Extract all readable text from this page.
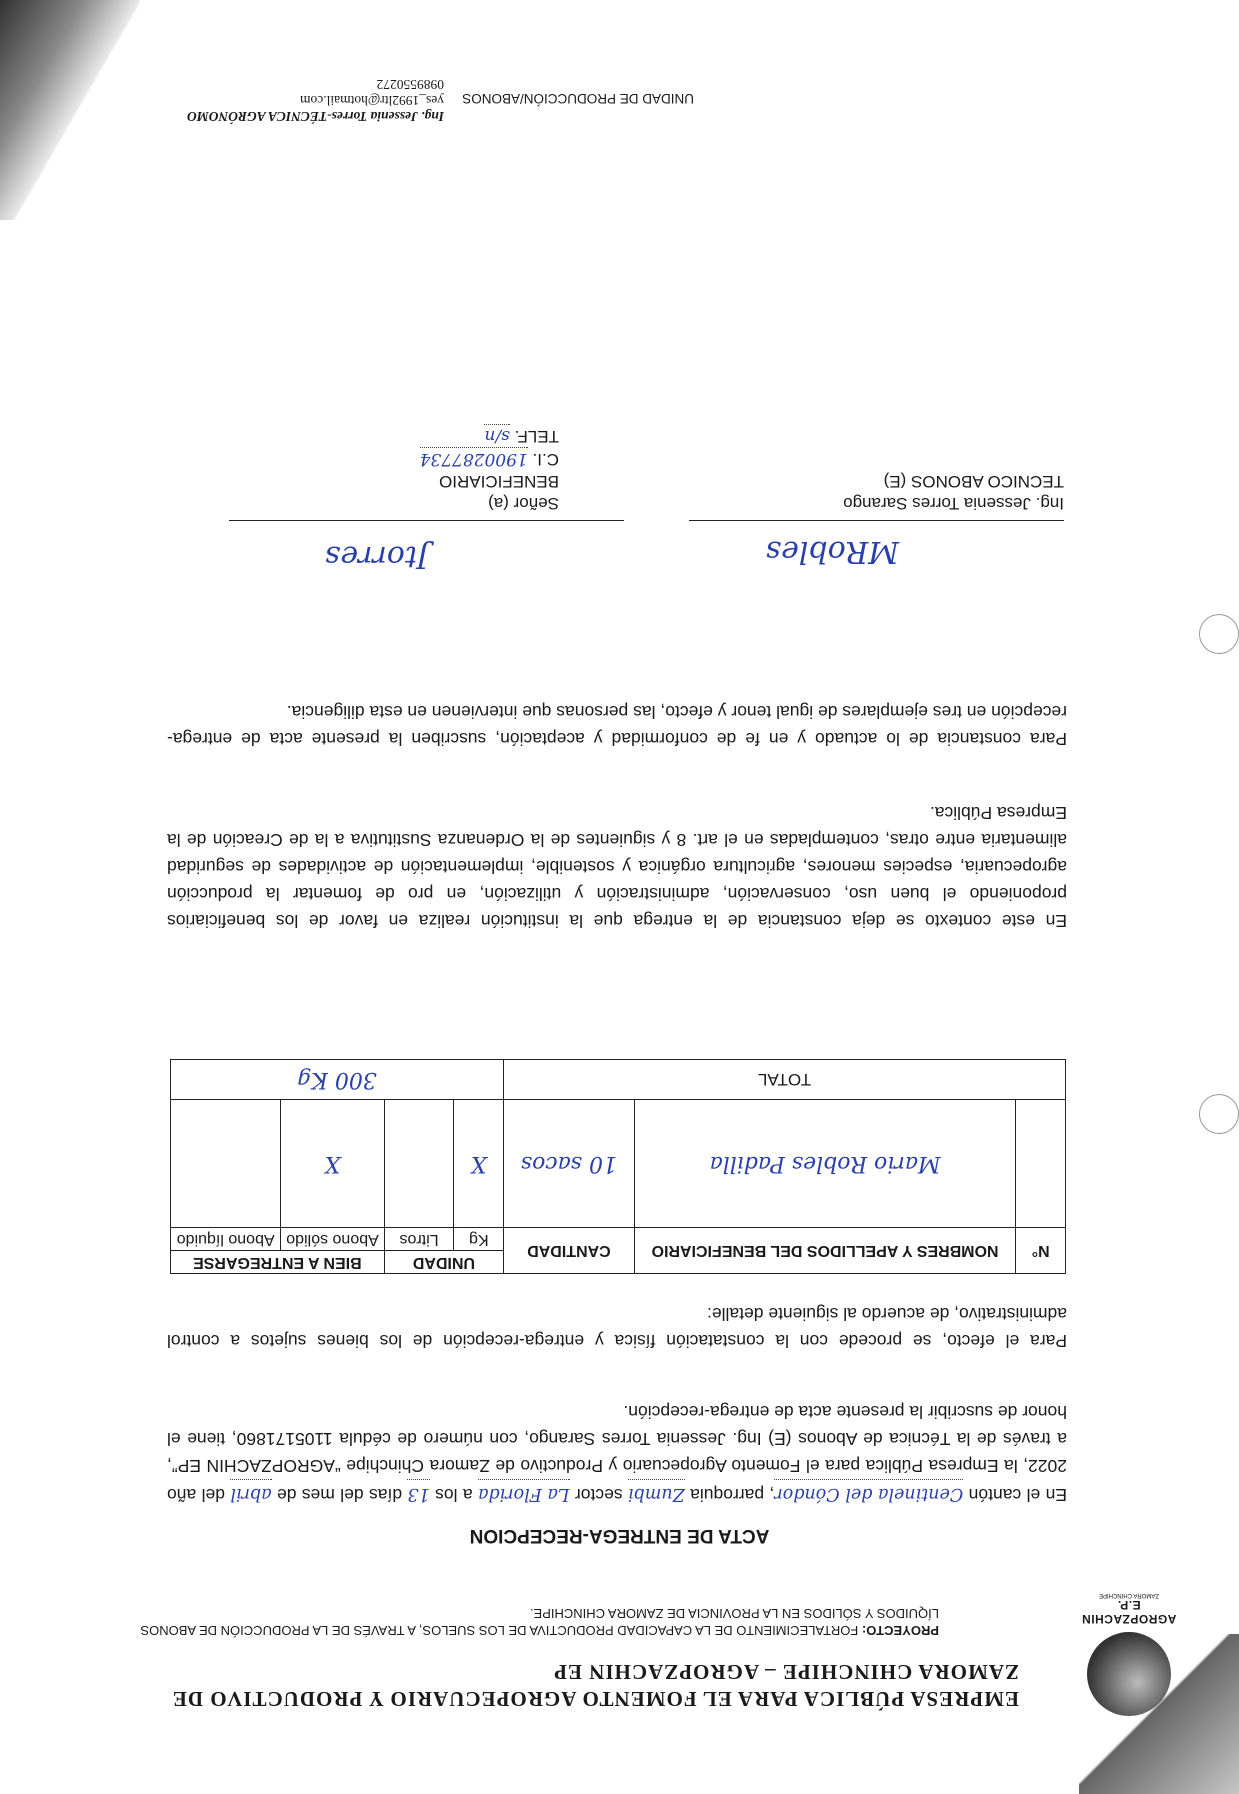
AGROPZACHIN E.P.
ZAMORA CHINCHIPE
EMPRESA PÚBLICA PARA EL FOMENTO AGROPECUARIO Y PRODUCTIVO DE ZAMORA CHINCHIPE – AGROPZACHIN EP
PROYECTO: FORTALECIMIENTO DE LA CAPACIDAD PRODUCTIVA DE LOS SUELOS, A TRAVÉS DE LA PRODUCCIÓN DE ABONOS LÍQUIDOS Y SÓLIDOS EN LA PROVINCIA DE ZAMORA CHINCHIPE.
ACTA DE ENTREGA-RECEPCION
En el cantón Centinela del Cóndor, parroquia Zumbi sector La Florida a los 13 días del mes de abril del año 2022, la Empresa Pública para el Fomento Agropecuario y Productivo de Zamora Chinchipe “AGROPZACHIN EP”, a través de la Técnica de Abonos (E) Ing. Jessenia Torres Sarango, con número de cédula 1105171860, tiene el honor de suscribir la presente acta de entrega-recepción.
Para el efecto, se procede con la constatación física y entrega-recepción de los bienes sujetos a control administrativo, de acuerdo al siguiente detalle:
N°	NOMBRES Y APELLIDOS DEL BENEFICIARIO	CANTIDAD	UNIDAD		BIEN A ENTREGARSE	
			Kg	Litros	Abono sólido	Abono líquido
	Mario Robles Padilla	10 sacos	X		X	
TOTAL			300 Kg			
En este contexto se deja constancia de la entrega que la institución realiza en favor de los beneficiarios proponiendo el buen uso, conservación, administración y utilización, en pro de fomentar la producción agropecuaria, especies menores, agricultura orgánica y sostenible, implementación de actividades de seguridad alimentaria entre otras, contempladas en el art. 8 y siguientes de la Ordenanza Sustitutiva a la de Creación de la Empresa Pública.
Para constancia de lo actuado y en fe de conformidad y aceptación, suscriben la presente acta de entrega-recepción en tres ejemplares de igual tenor y efecto, las personas que intervienen en esta diligencia.
MRobles
Jtorres
Señor (a)
BENEFICIARIO
C.I. 1900287734
TELF. s/n
Ing. Jessenia Torres Sarango
TECNICO ABONOS (E)
UNIDAD DE PRODUCCIÓN/ABONOS
Ing. Jessenia Torres-TÉCNICA AGRÓNOMO
yes_1992ltr@hotmail.com
0989550272
